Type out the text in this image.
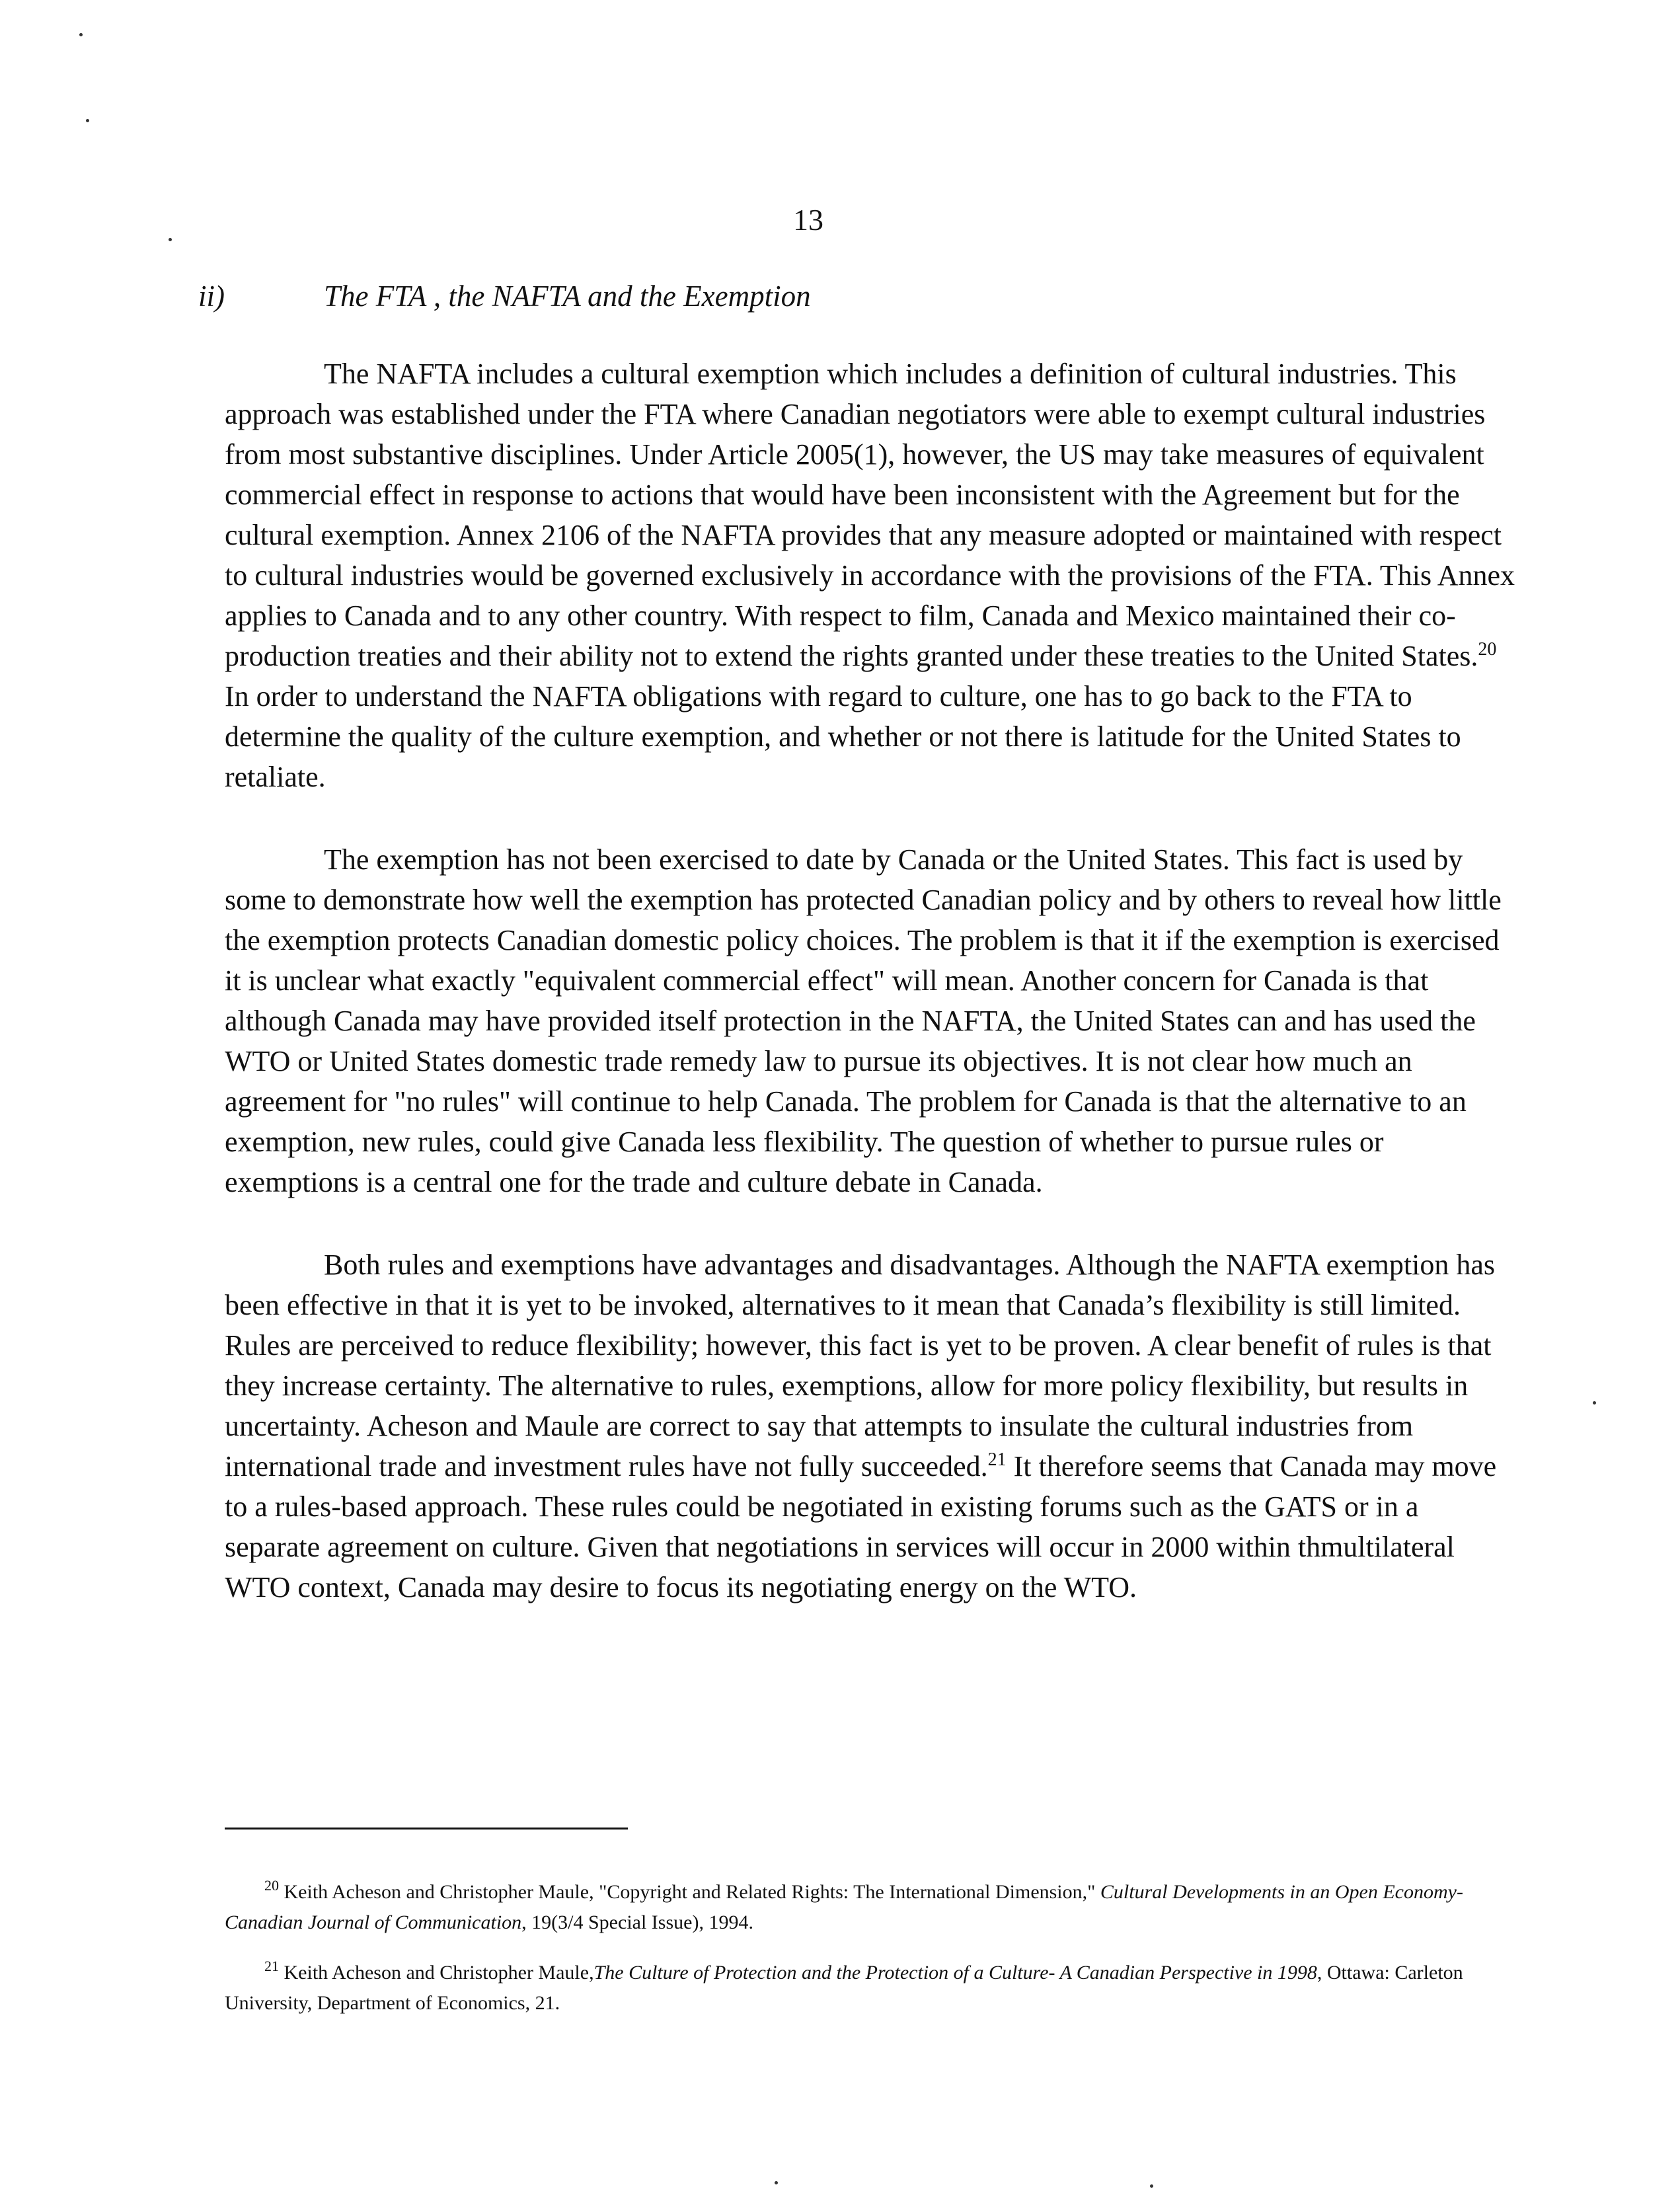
13
ii)	The FTA , the NAFTA and the Exemption

The NAFTA includes a cultural exemption which includes a definition of cultural industries. This approach was established under the FTA where Canadian negotiators were able to exempt cultural industries from most substantive disciplines. Under Article 2005(1), however, the US may take measures of equivalent commercial effect in response to actions that would have been inconsistent with the Agreement but for the cultural exemption. Annex 2106 of the NAFTA provides that any measure adopted or maintained with respect to cultural industries would be governed exclusively in accordance with the provisions of the FTA. This Annex applies to Canada and to any other country. With respect to film, Canada and Mexico maintained their co-production treaties and their ability not to extend the rights granted under these treaties to the United States.$^{20}$ In order to understand the NAFTA obligations with regard to culture, one has to go back to the FTA to determine the quality of the culture exemption, and whether or not there is latitude for the United States to retaliate.

The exemption has not been exercised to date by Canada or the United States. This fact is used by some to demonstrate how well the exemption has protected Canadian policy and by others to reveal how little the exemption protects Canadian domestic policy choices. The problem is that it if the exemption is exercised it is unclear what exactly "equivalent commercial effect" will mean. Another concern for Canada is that although Canada may have provided itself protection in the NAFTA, the United States can and has used the WTO or United States domestic trade remedy law to pursue its objectives. It is not clear how much an agreement for "no rules" will continue to help Canada. The problem for Canada is that the alternative to an exemption, new rules, could give Canada less flexibility. The question of whether to pursue rules or exemptions is a central one for the trade and culture debate in Canada.

Both rules and exemptions have advantages and disadvantages. Although the NAFTA exemption has been effective in that it is yet to be invoked, alternatives to it mean that Canada’s flexibility is still limited. Rules are perceived to reduce flexibility; however, this fact is yet to be proven. A clear benefit of rules is that they increase certainty. The alternative to rules, exemptions, allow for more policy flexibility, but results in uncertainty. Acheson and Maule are correct to say that attempts to insulate the cultural industries from international trade and investment rules have not fully succeeded.$^{21}$ It therefore seems that Canada may move to a rules-based approach. These rules could be negotiated in existing forums such as the GATS or in a separate agreement on culture. Given that negotiations in services will occur in 2000 within thmultilateral WTO context, Canada may desire to focus its negotiating energy on the WTO.

$^{20}$ Keith Acheson and Christopher Maule, "Copyright and Related Rights: The International Dimension," Cultural Developments in an Open Economy- Canadian Journal of Communication, 19(3/4 Special Issue), 1994.

$^{21}$ Keith Acheson and Christopher Maule,The Culture of Protection and the Protection of a Culture- A Canadian Perspective in 1998, Ottawa: Carleton University, Department of Economics, 21.
